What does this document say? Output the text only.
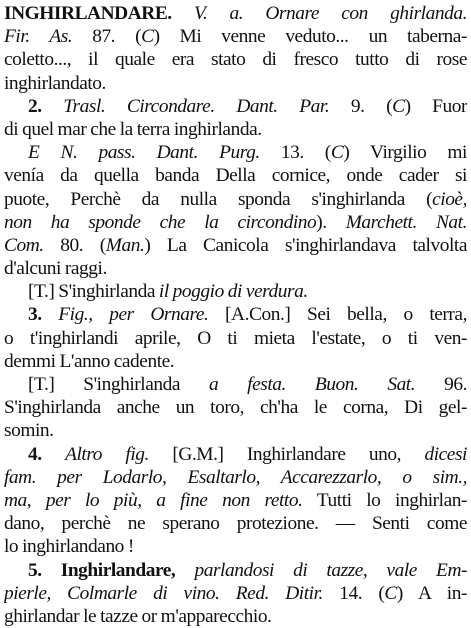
INGHIRLANDARE. V. a. Ornare con ghirlanda.
Fir. As. 87. (C) Mi venne veduto... un taberna-
coletto..., il quale era stato di fresco tutto di rose
inghirlandato.
2. Trasl. Circondare. Dant. Par. 9. (C) Fuor
di quel mar che la terra inghirlanda.
E N. pass. Dant. Purg. 13. (C) Virgilio mi
venía da quella banda Della cornice, onde cader si
puote, Perchè da nulla sponda s'inghirlanda (cioè,
non ha sponde che la circondino). Marchett. Nat.
Com. 80. (Man.) La Canicola s'inghirlandava talvolta
d'alcuni raggi.
[T.] S'inghirlanda il poggio di verdura.
3. Fig., per Ornare. [A.Con.] Sei bella, o terra,
o t'inghirlandi aprile, O ti mieta l'estate, o ti ven-
demmi L'anno cadente.
[T.] S'inghirlanda a festa. Buon. Sat. 96.
S'inghirlanda anche un toro, ch'ha le corna, Di gel-
somin.
4. Altro fig. [G.M.] Inghirlandare uno, dicesi
fam. per Lodarlo, Esaltarlo, Accarezzarlo, o sim.,
ma, per lo più, a fine non retto. Tutti lo inghirlan-
dano, perchè ne sperano protezione. — Senti come
lo inghirlandano !
5. Inghirlandare, parlandosi di tazze, vale Em-
pierle, Colmarle di vino. Red. Ditir. 14. (C) A in-
ghirlandar le tazze or m'apparecchio.
